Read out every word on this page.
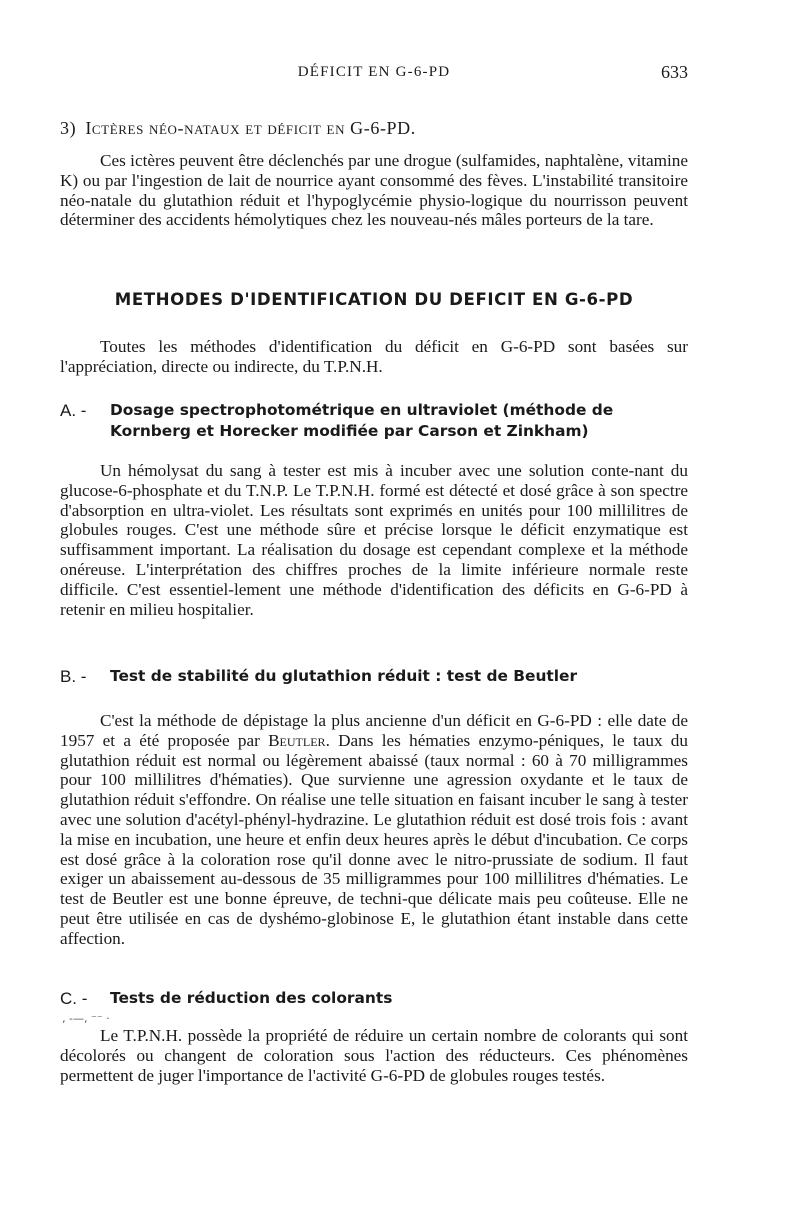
DÉFICIT EN G-6-PD	633
3) Ictères néo-nataux et déficit en G-6-PD.

Ces ictères peuvent être déclenchés par une drogue (sulfamides, naphtalène, vitamine K) ou par l'ingestion de lait de nourrice ayant consommé des fèves. L'instabilité transitoire néo-natale du glutathion réduit et l'hypoglycémie physio-logique du nourrisson peuvent déterminer des accidents hémolytiques chez les nouveau-nés mâles porteurs de la tare.

METHODES D'IDENTIFICATION DU DEFICIT EN G-6-PD

Toutes les méthodes d'identification du déficit en G-6-PD sont basées sur l'appréciation, directe ou indirecte, du T.P.N.H.

A. -	Dosage spectrophotométrique en ultraviolet (méthode de Kornberg et Horecker modifiée par Carson et Zinkham)

Un hémolysat du sang à tester est mis à incuber avec une solution conte-nant du glucose-6-phosphate et du T.N.P. Le T.P.N.H. formé est détecté et dosé grâce à son spectre d'absorption en ultra-violet. Les résultats sont exprimés en unités pour 100 millilitres de globules rouges. C'est une méthode sûre et précise lorsque le déficit enzymatique est suffisamment important. La réalisation du dosage est cependant complexe et la méthode onéreuse. L'interprétation des chiffres proches de la limite inférieure normale reste difficile. C'est essentiel-lement une méthode d'identification des déficits en G-6-PD à retenir en milieu hospitalier.

B. -	Test de stabilité du glutathion réduit : test de Beutler

C'est la méthode de dépistage la plus ancienne d'un déficit en G-6-PD : elle date de 1957 et a été proposée par Beutler. Dans les hématies enzymo-péniques, le taux du glutathion réduit est normal ou légèrement abaissé (taux normal : 60 à 70 milligrammes pour 100 millilitres d'hématies). Que survienne une agression oxydante et le taux de glutathion réduit s'effondre. On réalise une telle situation en faisant incuber le sang à tester avec une solution d'acétyl-phényl-hydrazine. Le glutathion réduit est dosé trois fois : avant la mise en incubation, une heure et enfin deux heures après le début d'incubation. Ce corps est dosé grâce à la coloration rose qu'il donne avec le nitro-prussiate de sodium. Il faut exiger un abaissement au-dessous de 35 milligrammes pour 100 millilitres d'hématies. Le test de Beutler est une bonne épreuve, de techni-que délicate mais peu coûteuse. Elle ne peut être utilisée en cas de dyshémo-globinose E, le glutathion étant instable dans cette affection.

C. -	Tests de réduction des colorants
‚ -—, ⁻⁻ ·

Le T.P.N.H. possède la propriété de réduire un certain nombre de colorants qui sont décolorés ou changent de coloration sous l'action des réducteurs. Ces phénomènes permettent de juger l'importance de l'activité G-6-PD de globules rouges testés.
